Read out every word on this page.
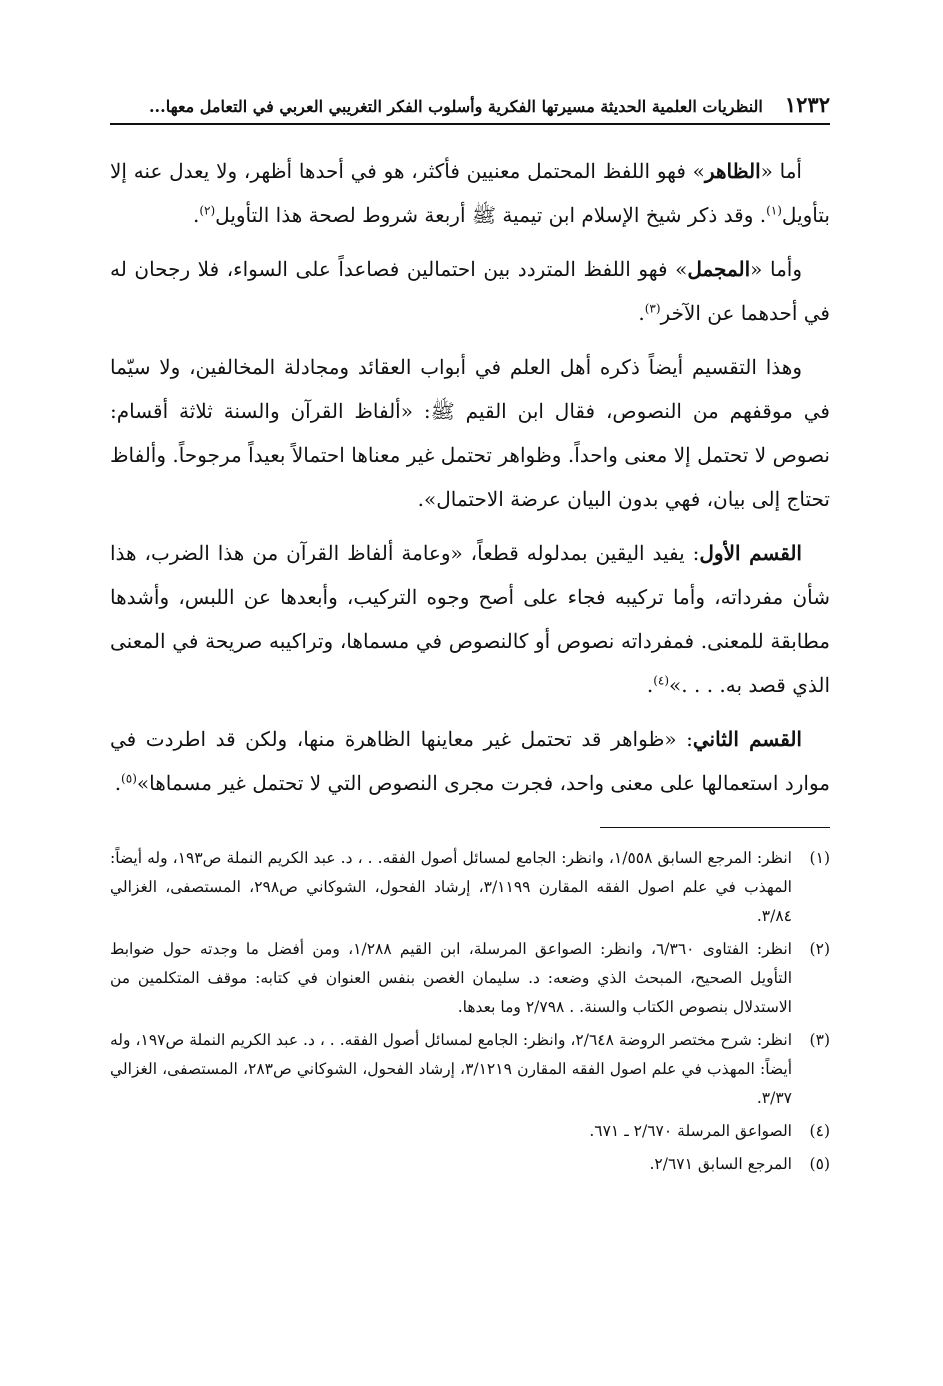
١٢٣٢
النظريات العلمية الحديثة مسيرتها الفكرية وأسلوب الفكر التغريبي العربي في التعامل معها...

أما «الظاهر» فهو اللفظ المحتمل معنيين فأكثر، هو في أحدها أظهر، ولا يعدل عنه إلا بتأويل$^{(١)}$. وقد ذكر شيخ الإسلام ابن تيمية ﷺ أربعة شروط لصحة هذا التأويل$^{(٢)}$.

وأما «المجمل» فهو اللفظ المتردد بين احتمالين فصاعداً على السواء، فلا رجحان له في أحدهما عن الآخر$^{(٣)}$.

وهذا التقسيم أيضاً ذكره أهل العلم في أبواب العقائد ومجادلة المخالفين، ولا سيّما في موقفهم من النصوص، فقال ابن القيم ﷺ: «ألفاظ القرآن والسنة ثلاثة أقسام: نصوص لا تحتمل إلا معنى واحداً. وظواهر تحتمل غير معناها احتمالاً بعيداً مرجوحاً. وألفاظ تحتاج إلى بيان، فهي بدون البيان عرضة الاحتمال».

القسم الأول: يفيد اليقين بمدلوله قطعاً، «وعامة ألفاظ القرآن من هذا الضرب، هذا شأن مفرداته، وأما تركيبه فجاء على أصح وجوه التركيب، وأبعدها عن اللبس، وأشدها مطابقة للمعنى. فمفرداته نصوص أو كالنصوص في مسماها، وتراكيبه صريحة في المعنى الذي قصد به. . . .»$^{(٤)}$.

القسم الثاني: «ظواهر قد تحتمل غير معاينها الظاهرة منها، ولكن قد اطردت في موارد استعمالها على معنى واحد، فجرت مجرى النصوص التي لا تحتمل غير مسماها»$^{(٥)}$.

(١)
انظر: المرجع السابق ١/٥٥٨، وانظر: الجامع لمسائل أصول الفقه. . ، د. عبد الكريم النملة ص١٩٣، وله أيضاً: المهذب في علم اصول الفقه المقارن ٣/١١٩٩، إرشاد الفحول، الشوكاني ص٢٩٨، المستصفى، الغزالي ٣/٨٤.
(٢)
انظر: الفتاوى ٦/٣٦٠، وانظر: الصواعق المرسلة، ابن القيم ١/٢٨٨، ومن أفضل ما وجدته حول ضوابط التأويل الصحيح، المبحث الذي وضعه: د. سليمان الغصن بنفس العنوان في كتابه: موقف المتكلمين من الاستدلال بنصوص الكتاب والسنة. . ٢/٧٩٨ وما بعدها.
(٣)
انظر: شرح مختصر الروضة ٢/٦٤٨، وانظر: الجامع لمسائل أصول الفقه. . ، د. عبد الكريم النملة ص١٩٧، وله أيضاً: المهذب في علم اصول الفقه المقارن ٣/١٢١٩، إرشاد الفحول، الشوكاني ص٢٨٣، المستصفى، الغزالي ٣/٣٧.
(٤)
الصواعق المرسلة ٢/٦٧٠ ـ ٦٧١.
(٥)
المرجع السابق ٢/٦٧١.
